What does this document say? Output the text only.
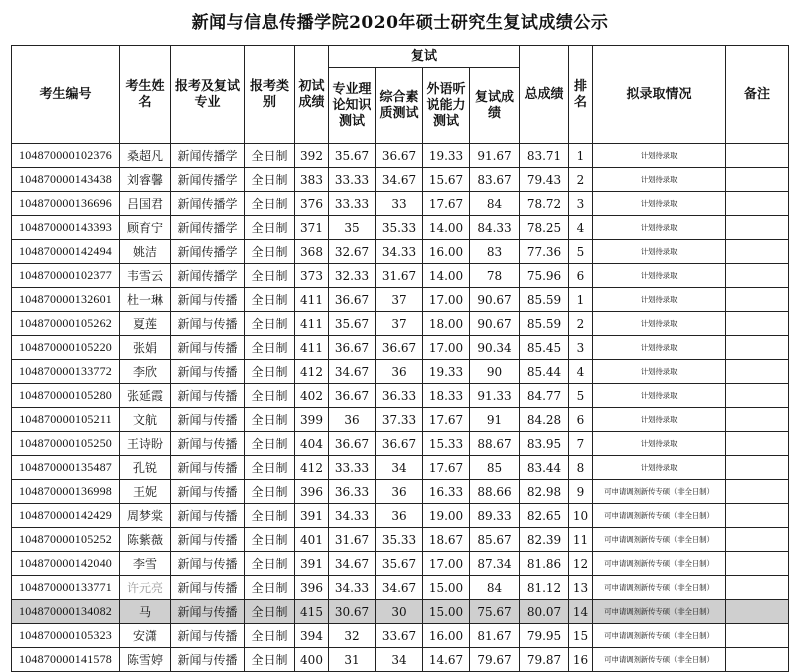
新闻与信息传播学院2020年硕士研究生复试成绩公示
考生编号	考生姓名	报考及复试专业	报考类别	初试成绩	复试				总成绩	排名	拟录取情况	备注
					专业理论知识测试	综合素质测试	外语听说能力测试	复试成绩				
104870000102376	桑超凡	新闻传播学	全日制	392	35.67	36.67	19.33	91.67	83.71	1	计划待录取	
104870000143438	刘睿馨	新闻传播学	全日制	383	33.33	34.67	15.67	83.67	79.43	2	计划待录取	
104870000136696	吕国君	新闻传播学	全日制	376	33.33	33	17.67	84	78.72	3	计划待录取	
104870000143393	顾育宁	新闻传播学	全日制	371	35	35.33	14.00	84.33	78.25	4	计划待录取	
104870000142494	姚洁	新闻传播学	全日制	368	32.67	34.33	16.00	83	77.36	5	计划待录取	
104870000102377	韦雪云	新闻传播学	全日制	373	32.33	31.67	14.00	78	75.96	6	计划待录取	
104870000132601	杜一琳	新闻与传播	全日制	411	36.67	37	17.00	90.67	85.59	1	计划待录取	
104870000105262	夏莲	新闻与传播	全日制	411	35.67	37	18.00	90.67	85.59	2	计划待录取	
104870000105220	张娟	新闻与传播	全日制	411	36.67	36.67	17.00	90.34	85.45	3	计划待录取	
104870000133772	李欣	新闻与传播	全日制	412	34.67	36	19.33	90	85.44	4	计划待录取	
104870000105280	张延霞	新闻与传播	全日制	402	36.67	36.33	18.33	91.33	84.77	5	计划待录取	
104870000105211	文航	新闻与传播	全日制	399	36	37.33	17.67	91	84.28	6	计划待录取	
104870000105250	王诗盼	新闻与传播	全日制	404	36.67	36.67	15.33	88.67	83.95	7	计划待录取	
104870000135487	孔锐	新闻与传播	全日制	412	33.33	34	17.67	85	83.44	8	计划待录取	
104870000136998	王妮	新闻与传播	全日制	396	36.33	36	16.33	88.66	82.98	9	可申请调剂新传专硕（非全日制）	
104870000142429	周梦棠	新闻与传播	全日制	391	34.33	36	19.00	89.33	82.65	10	可申请调剂新传专硕（非全日制）	
104870000105252	陈紫薇	新闻与传播	全日制	401	31.67	35.33	18.67	85.67	82.39	11	可申请调剂新传专硕（非全日制）	
104870000142040	李雪	新闻与传播	全日制	391	34.67	35.67	17.00	87.34	81.86	12	可申请调剂新传专硕（非全日制）	
104870000133771	许元亮	新闻与传播	全日制	396	34.33	34.67	15.00	84	81.12	13	可申请调剂新传专硕（非全日制）	
104870000134082	马	新闻与传播	全日制	415	30.67	30	15.00	75.67	80.07	14	可申请调剂新传专硕（非全日制）	
104870000105323	安潇	新闻与传播	全日制	394	32	33.67	16.00	81.67	79.95	15	可申请调剂新传专硕（非全日制）	
104870000141578	陈雪婷	新闻与传播	全日制	400	31	34	14.67	79.67	79.87	16	可申请调剂新传专硕（非全日制）	
